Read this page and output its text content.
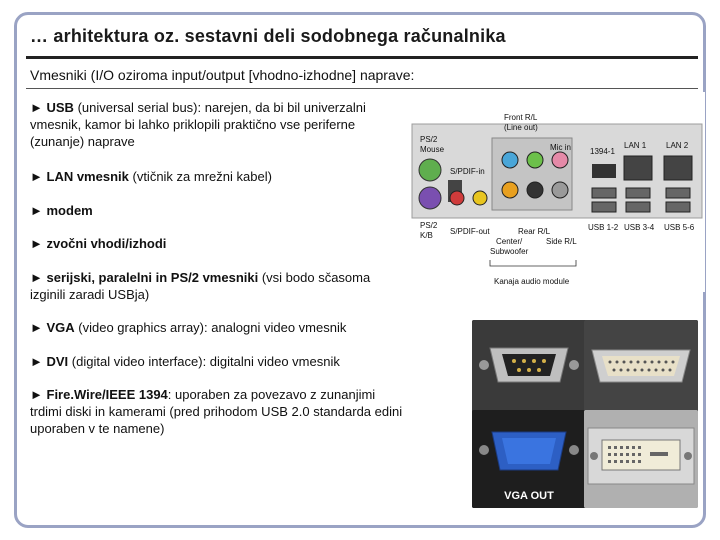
… arhitektura oz. sestavni deli sodobnega računalnika
Vmesniki (I/O oziroma input/output [vhodno-izhodne] naprave:
► USB (universal serial bus): narejen, da bi bil univerzalni vmesnik, kamor bi lahko priklopili praktično vse periferne (zunanje) naprave
► LAN vmesnik (vtičnik za mrežni kabel)
► modem
► zvočni vhodi/izhodi
► serijski, paralelni in PS/2 vmesniki (vsi bodo sčasoma izginili zaradi USBja)
► VGA (video graphics array): analogni video vmesnik
► DVI (digital video interface): digitalni video vmesnik
► Fire.Wire/IEEE 1394: uporaben za povezavo z zunanjimi trdimi diski in kamerami (pred prihodom USB 2.0 standarda edini uporaben v te namene)
Front R/L
(Line out)
Mic in
PS/2
Mouse
S/PDIF-in
1394-1
LAN 1 LAN 2
PS/2
K/B S/PDIF-out	Rear R/L
Center/
Subwoofer
Side R/L
USB 1-2 USB 3-4 USB 5-6
Kanaja audio module
VGA OUT
